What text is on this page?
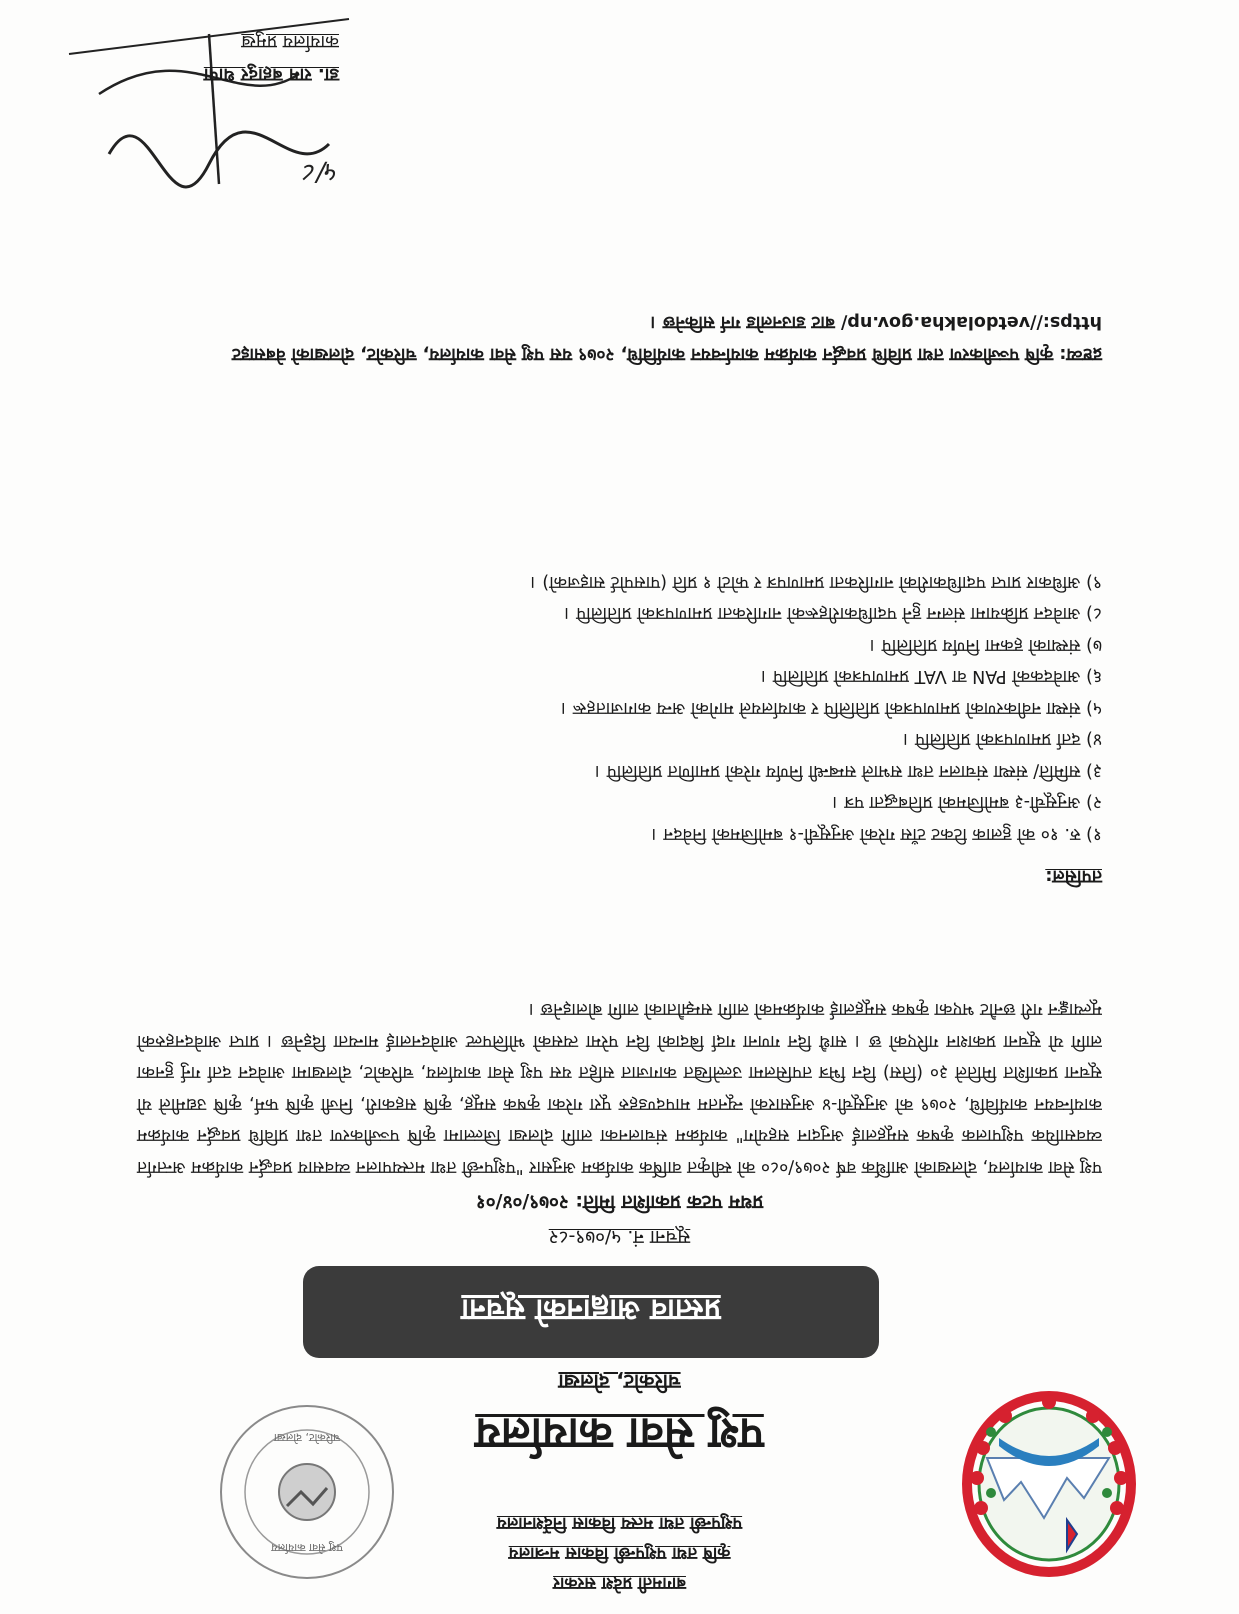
पशु सेवा कार्यालय
चरिकोट, दोलखा
बागमती प्रदेश सरकार
कृषि तथा पशुपन्छी विकास मन्त्रालय
पशुपन्छी तथा मत्स्य विकास निर्देशनालय
पशु सेवा कार्यालय
चरिकोट, दोलखा
प्रस्ताव आह्वानको सूचना
सूचना नं. ५/०७९-८२
प्रथम पटक प्रकाशित मिति: २०७९/०४/०१
पशु सेवा कार्यालय, दोलखाको आर्थिक वर्ष २०७९/०८० को स्वीकृत वार्षिक कार्यक्रम अनुसार "पशुपन्छी तथा मत्स्यपालन व्यवसाय प्रवर्द्धन कार्यक्रम अन्तर्गत व्यवसायिक पशुपालक कृषक समूहलाई अनुदान सहयोग" कार्यक्रम संचालनका लागि दोलखा जिल्लामा कृषि पञ्जीकरण तथा प्रविधि प्रवर्द्धन कार्यक्रम कार्यान्वयन कार्यविधि, २०७९ को अनुसूची-४ अनुसारको न्यूनतम मापदण्डहरु पूरा गरेका कृषक समूह, कृषि सहकारी, निजी कृषि फर्म, कृषि उद्यमीले यो सूचना प्रकाशित मितिले ३० (तिस) दिन भित्र तपसिलमा उल्लेखित कागजात सहित यस पशु सेवा कार्यालय, चरिकोट, दोलखामा आवेदन दर्ता गर्नु हुनका लागि यो सूचना प्रकाशन गरिएको छ । साथै दिन गणना गर्दा बिदाको दिन परेमा त्यसको भोलिपल्ट आवेदनलाई मान्यता दिइनेछ । प्राप्त आवेदनहरुको मूल्याङ्कन गरी छनौट भएका कृषक समूहलाई कार्यक्रमको लागि सम्झौताको लागि बोलाइनेछ ।
तपसिल:
१) रु. १० को हुलाक टिकट टाँस गरेको अनुसूची-१ बमोजिमको निवेदन ।
२) अनुसूची-३ बमोजिमको प्रतिबद्धता पत्र ।
३) समिति/ संस्था संचालन तथा सभाले सम्बन्धी निर्णय गरेको प्रमाणित प्रतिलिपि ।
४) दर्ता प्रमाणपत्रको प्रतिलिपि ।
५) संस्था नवीकरणको प्रमाणपत्रको प्रतिलिपि र कार्यालयले मागेको अन्य कागजातहरू ।
६) आवेदकको PAN वा VAT प्रमाणपत्रको प्रतिलिपि ।
७) संस्थाको हकमा निर्णय प्रतिलिपि ।
८) आवेदन प्रक्रियामा संलग्न हुने पदाधिकारीहरूको नागरिकता प्रमाणपत्रको प्रतिलिपि ।
९) अधिकार प्राप्त पदाधिकारीको नागरिकता प्रमाणपत्र र फोटो १ प्रति (पासपोर्ट साइजको) ।
द्रष्टव्य: कृषि पञ्जीकरण तथा प्रविधि प्रवर्द्धन कार्यक्रम कार्यान्वयन कार्यविधि, २०७९ यस पशु सेवा कार्यालय, चरिकोट, दोलखाको वेबसाइट https://vetdolakha.gov.np/ बाट डाउनलोड गर्न सकिनेछ ।
५/८
डा. राम बहादुर थापा
कार्यालय प्रमुख
